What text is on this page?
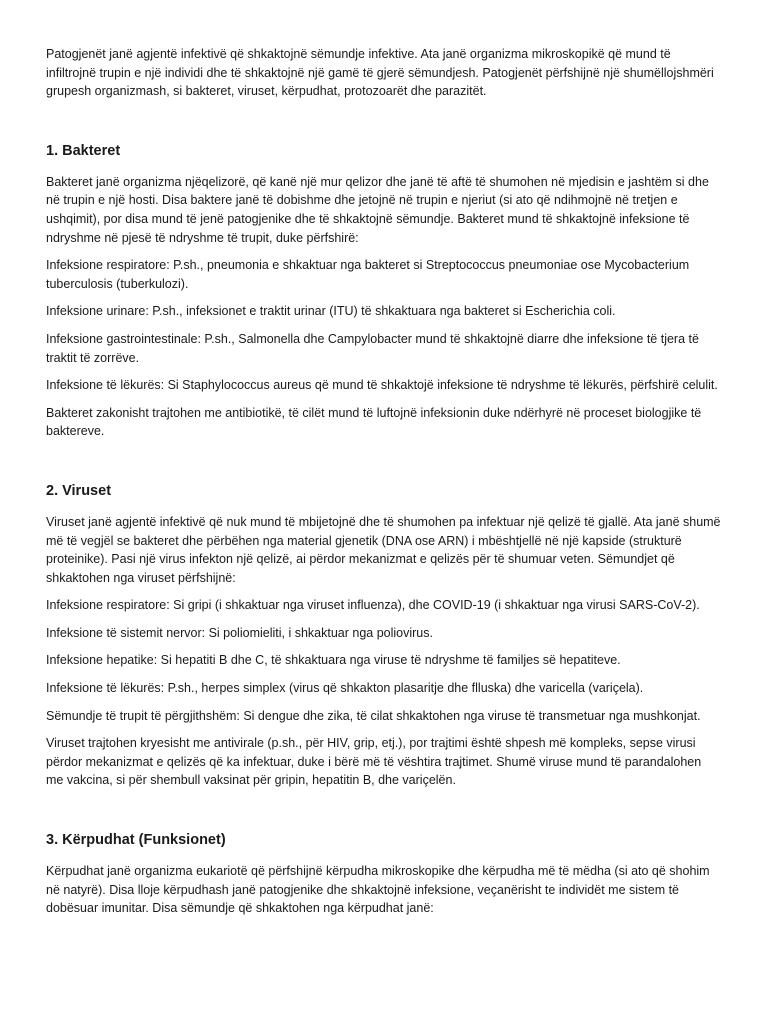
Patogjenët janë agjentë infektivë që shkaktojnë sëmundje infektive. Ata janë organizma mikroskopikë që mund të infiltrojnë trupin e një individi dhe të shkaktojnë një gamë të gjerë sëmundjesh. Patogjenët përfshijnë një shumëllojshmëri grupesh organizmash, si bakteret, viruset, kërpudhat, protozoarët dhe parazitët.

1. Bakteret

Bakteret janë organizma njëqelizorë, që kanë një mur qelizor dhe janë të aftë të shumohen në mjedisin e jashtëm si dhe në trupin e një hosti. Disa baktere janë të dobishme dhe jetojnë në trupin e njeriut (si ato që ndihmojnë në tretjen e ushqimit), por disa mund të jenë patogjenike dhe të shkaktojnë sëmundje. Bakteret mund të shkaktojnë infeksione të ndryshme në pjesë të ndryshme të trupit, duke përfshirë:

Infeksione respiratore: P.sh., pneumonia e shkaktuar nga bakteret si Streptococcus pneumoniae ose Mycobacterium tuberculosis (tuberkulozi).

Infeksione urinare: P.sh., infeksionet e traktit urinar (ITU) të shkaktuara nga bakteret si Escherichia coli.

Infeksione gastrointestinale: P.sh., Salmonella dhe Campylobacter mund të shkaktojnë diarre dhe infeksione të tjera të traktit të zorrëve.

Infeksione të lëkurës: Si Staphylococcus aureus që mund të shkaktojë infeksione të ndryshme të lëkurës, përfshirë celulit.

Bakteret zakonisht trajtohen me antibiotikë, të cilët mund të luftojnë infeksionin duke ndërhyrë në proceset biologjike të baktereve.

2. Viruset

Viruset janë agjentë infektivë që nuk mund të mbijetojnë dhe të shumohen pa infektuar një qelizë të gjallë. Ata janë shumë më të vegjël se bakteret dhe përbëhen nga material gjenetik (DNA ose ARN) i mbështjellë në një kapside (strukturë proteinike). Pasi një virus infekton një qelizë, ai përdor mekanizmat e qelizës për të shumuar veten. Sëmundjet që shkaktohen nga viruset përfshijnë:

Infeksione respiratore: Si gripi (i shkaktuar nga viruset influenza), dhe COVID-19 (i shkaktuar nga virusi SARS-CoV-2).

Infeksione të sistemit nervor: Si poliomieliti, i shkaktuar nga poliovirus.

Infeksione hepatike: Si hepatiti B dhe C, të shkaktuara nga viruse të ndryshme të familjes së hepatiteve.

Infeksione të lëkurës: P.sh., herpes simplex (virus që shkakton plasaritje dhe flluska) dhe varicella (variçela).

Sëmundje të trupit të përgjithshëm: Si dengue dhe zika, të cilat shkaktohen nga viruse të transmetuar nga mushkonjat.

Viruset trajtohen kryesisht me antivirale (p.sh., për HIV, grip, etj.), por trajtimi është shpesh më kompleks, sepse virusi përdor mekanizmat e qelizës që ka infektuar, duke i bërë më të vështira trajtimet. Shumë viruse mund të parandalohen me vakcina, si për shembull vaksinat për gripin, hepatitin B, dhe variçelën.

3. Kërpudhat (Funksionet)

Kërpudhat janë organizma eukariotë që përfshijnë kërpudha mikroskopike dhe kërpudha më të mëdha (si ato që shohim në natyrë). Disa lloje kërpudhash janë patogjenike dhe shkaktojnë infeksione, veçanërisht te individët me sistem të dobësuar imunitar. Disa sëmundje që shkaktohen nga kërpudhat janë:
